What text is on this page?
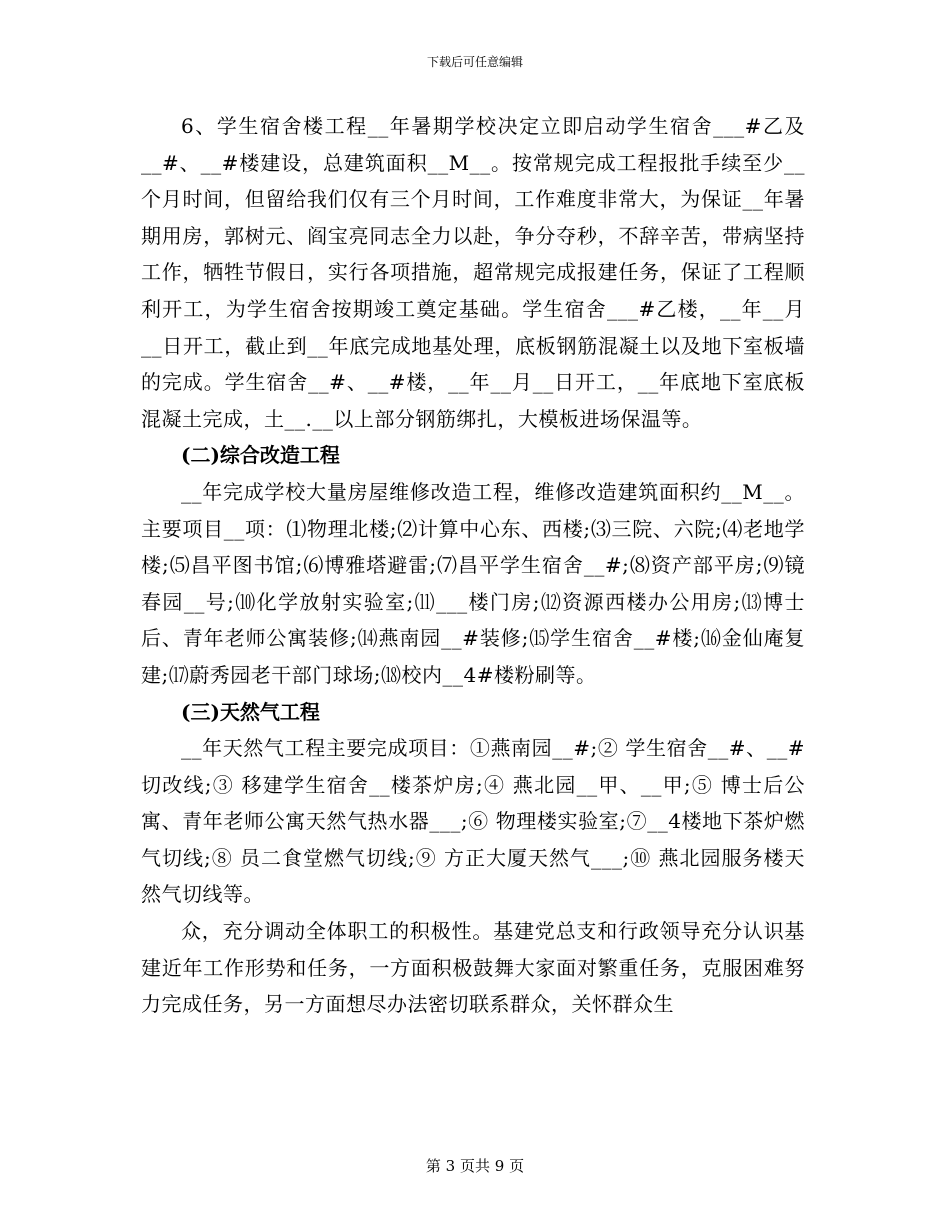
下载后可任意编辑

6、学生宿舍楼工程__年暑期学校决定立即启动学生宿舍___#乙及__#、__#楼建设，总建筑面积__M__。按常规完成工程报批手续至少__个月时间，但留给我们仅有三个月时间，工作难度非常大，为保证__年暑期用房，郭树元、阎宝亮同志全力以赴，争分夺秒，不辞辛苦，带病坚持工作，牺牲节假日，实行各项措施，超常规完成报建任务，保证了工程顺利开工，为学生宿舍按期竣工奠定基础。学生宿舍___#乙楼，__年__月__日开工，截止到__年底完成地基处理，底板钢筋混凝土以及地下室板墙的完成。学生宿舍__#、__#楼，__年__月__日开工，__年底地下室底板混凝土完成，土__.__以上部分钢筋绑扎，大模板进场保温等。

(二)综合改造工程

__年完成学校大量房屋维修改造工程，维修改造建筑面积约__M__。主要项目__项：⑴物理北楼;⑵计算中心东、西楼;⑶三院、六院;⑷老地学楼;⑸昌平图书馆;⑹博雅塔避雷;⑺昌平学生宿舍__#;⑻资产部平房;⑼镜春园__号;⑽化学放射实验室;⑾___楼门房;⑿资源西楼办公用房;⒀博士后、青年老师公寓装修;⒁燕南园__#装修;⒂学生宿舍__#楼;⒃金仙庵复建;⒄蔚秀园老干部门球场;⒅校内__4#楼粉刷等。

(三)天然气工程

__年天然气工程主要完成项目：①燕南园__#;② 学生宿舍__#、__#切改线;③ 移建学生宿舍__楼茶炉房;④ 燕北园__甲、__甲;⑤ 博士后公寓、青年老师公寓天然气热水器___;⑥ 物理楼实验室;⑦__4楼地下茶炉燃气切线;⑧ 员二食堂燃气切线;⑨ 方正大厦天然气___;⑩ 燕北园服务楼天然气切线等。

众，充分调动全体职工的积极性。基建党总支和行政领导充分认识基建近年工作形势和任务，一方面积极鼓舞大家面对繁重任务，克服困难努力完成任务，另一方面想尽办法密切联系群众，关怀群众生

第 3 页共 9 页
